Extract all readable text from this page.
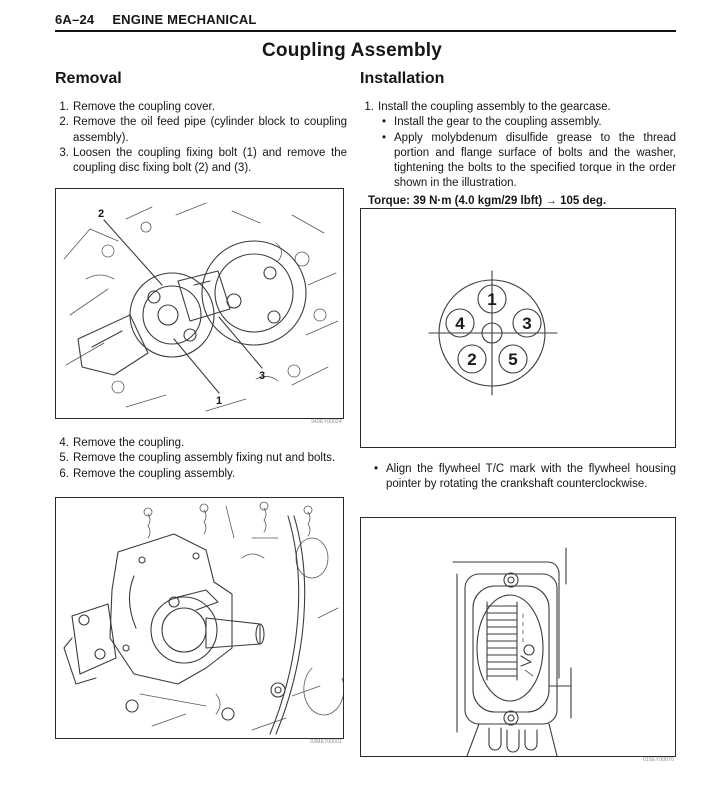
6A–24 ENGINE MECHANICAL
Coupling Assembly
Removal
1. Remove the coupling cover.
2. Remove the oil feed pipe (cylinder block to coupling assembly).
3. Loosen the coupling fixing bolt (1) and remove the coupling disc fixing bolt (2) and (3).
2
3
1
940EY00024
4. Remove the coupling.
5. Remove the coupling assembly fixing nut and bolts.
6. Remove the coupling assembly.
03ME700001
Installation
1. Install the coupling assembly to the gearcase.
• Install the gear to the coupling assembly.
• Apply molybdenum disulfide grease to the thread portion and flange surface of bolts and the washer, tightening the bolts to the specified torque in the order shown in the illustration.
Torque: 39 N·m (4.0 kgm/29 lbft) → 105 deg.
1
4	3
2 5
• Align the flywheel T/C mark with the flywheel housing pointer by rotating the crankshaft counterclockwise.
015EY00070
